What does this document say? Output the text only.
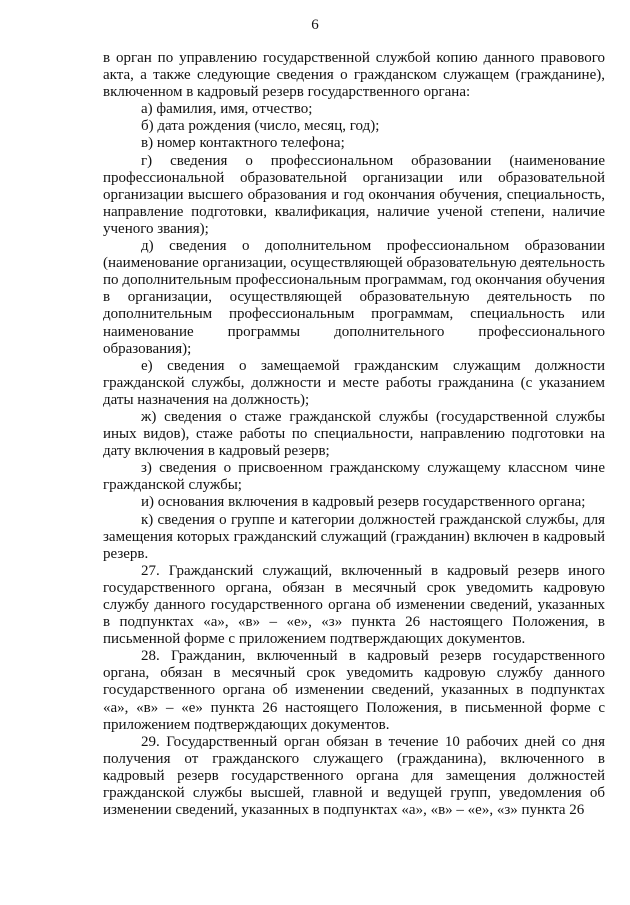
6

в орган по управлению государственной службой копию данного правового акта, а также следующие сведения о гражданском служащем (гражданине), включенном в кадровый резерв государственного органа:

а) фамилия, имя, отчество;

б) дата рождения (число, месяц, год);

в) номер контактного телефона;

г) сведения о профессиональном образовании (наименование профессиональной образовательной организации или образовательной организации высшего образования и год окончания обучения, специальность, направление подготовки, квалификация, наличие ученой степени, наличие ученого звания);

д) сведения о дополнительном профессиональном образовании (наименование организации, осуществляющей образовательную деятельность по дополнительным профессиональным программам, год окончания обучения в организации, осуществляющей образовательную деятельность по дополнительным профессиональным программам, специальность или наименование программы дополнительного профессионального образования);

е) сведения о замещаемой гражданским служащим должности гражданской службы, должности и месте работы гражданина (с указанием даты назначения на должность);

ж) сведения о стаже гражданской службы (государственной службы иных видов), стаже работы по специальности, направлению подготовки на дату включения в кадровый резерв;

з) сведения о присвоенном гражданскому служащему классном чине гражданской службы;

и) основания включения в кадровый резерв государственного органа;

к) сведения о группе и категории должностей гражданской службы, для замещения которых гражданский служащий (гражданин) включен в кадровый резерв.

27. Гражданский служащий, включенный в кадровый резерв иного государственного органа, обязан в месячный срок уведомить кадровую службу данного государственного органа об изменении сведений, указанных в подпунктах «а», «в» – «е», «з» пункта 26 настоящего Положения, в письменной форме с приложением подтверждающих документов.

28. Гражданин, включенный в кадровый резерв государственного органа, обязан в месячный срок уведомить кадровую службу данного государственного органа об изменении сведений, указанных в подпунктах «а», «в» – «е» пункта 26 настоящего Положения, в письменной форме с приложением подтверждающих документов.

29. Государственный орган обязан в течение 10 рабочих дней со дня получения от гражданского служащего (гражданина), включенного в кадровый резерв государственного органа для замещения должностей гражданской службы высшей, главной и ведущей групп, уведомления об изменении сведений, указанных в подпунктах «а», «в» – «е», «з» пункта 26
